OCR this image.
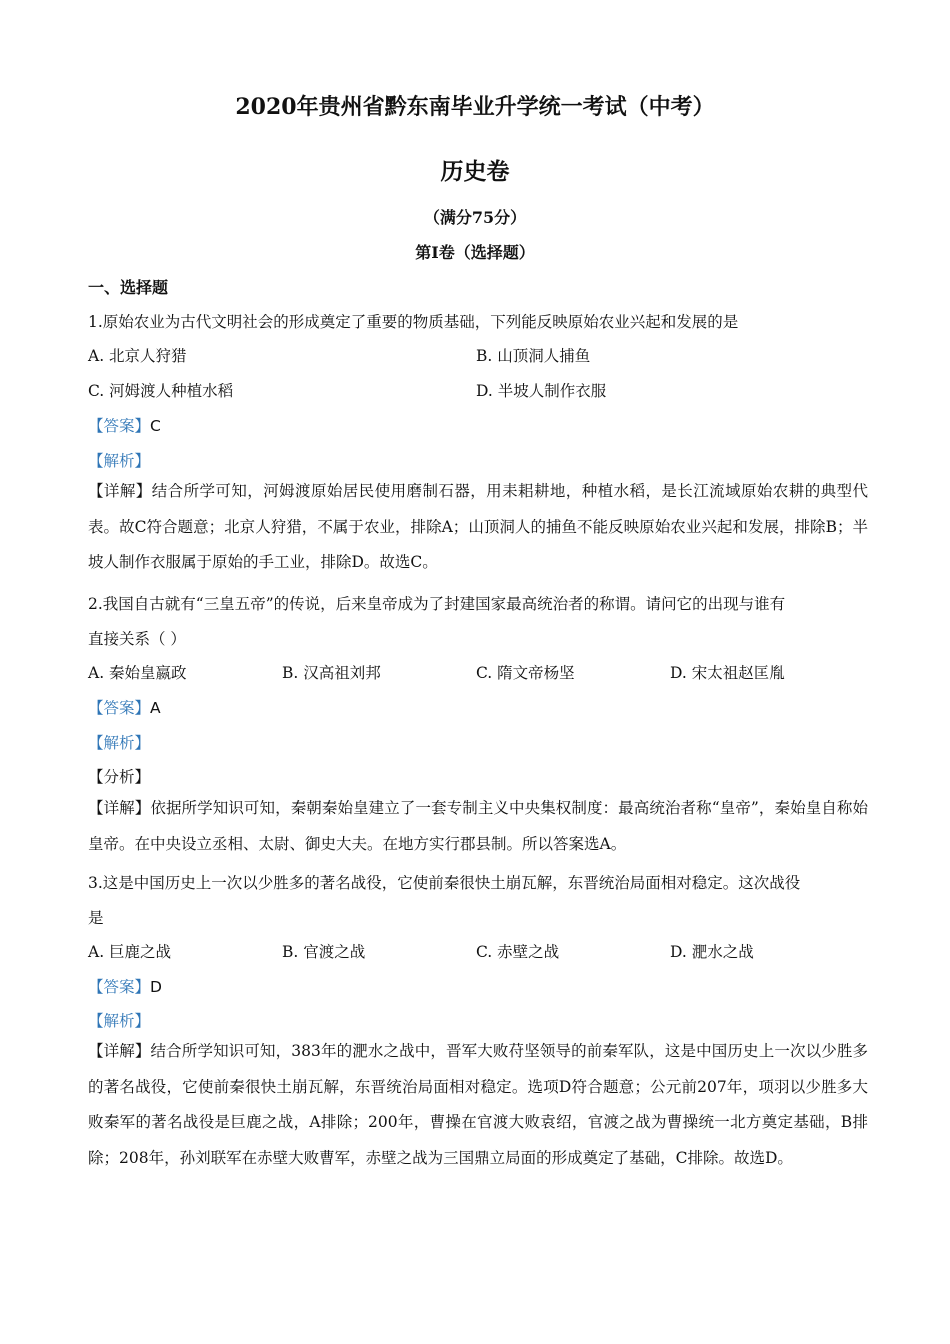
2020年贵州省黔东南毕业升学统一考试（中考）
历史卷
（满分75分）
第Ⅰ卷（选择题）
一、选择题
1.原始农业为古代文明社会的形成奠定了重要的物质基础，下列能反映原始农业兴起和发展的是
A. 北京人狩猎	B. 山顶洞人捕鱼
C. 河姆渡人种植水稻	D. 半坡人制作衣服
【答案】C
【解析】

【详解】结合所学可知，河姆渡原始居民使用磨制石器，用耒耜耕地，种植水稻，是长江流域原始农耕的典型代表。故C符合题意；北京人狩猎，不属于农业，排除A；山顶洞人的捕鱼不能反映原始农业兴起和发展，排除B；半坡人制作衣服属于原始的手工业，排除D。故选C。

2.我国自古就有“三皇五帝”的传说，后来皇帝成为了封建国家最高统治者的称谓。请问它的出现与谁有
直接关系（ ）
A. 秦始皇嬴政	B. 汉高祖刘邦	C. 隋文帝杨坚	D. 宋太祖赵匡胤
【答案】A
【解析】
【分析】

【详解】依据所学知识可知，秦朝秦始皇建立了一套专制主义中央集权制度：最高统治者称“皇帝”，秦始皇自称始皇帝。在中央设立丞相、太尉、御史大夫。在地方实行郡县制。所以答案选A。

3.这是中国历史上一次以少胜多的著名战役，它使前秦很快土崩瓦解，东晋统治局面相对稳定。这次战役
是
A. 巨鹿之战	B. 官渡之战	C. 赤壁之战	D. 淝水之战
【答案】D
【解析】

【详解】结合所学知识可知，383年的淝水之战中，晋军大败苻坚领导的前秦军队，这是中国历史上一次以少胜多的著名战役，它使前秦很快土崩瓦解，东晋统治局面相对稳定。选项D符合题意；公元前207年，项羽以少胜多大败秦军的著名战役是巨鹿之战，A排除；200年，曹操在官渡大败袁绍，官渡之战为曹操统一北方奠定基础，B排除；208年，孙刘联军在赤壁大败曹军，赤壁之战为三国鼎立局面的形成奠定了基础，C排除。故选D。
